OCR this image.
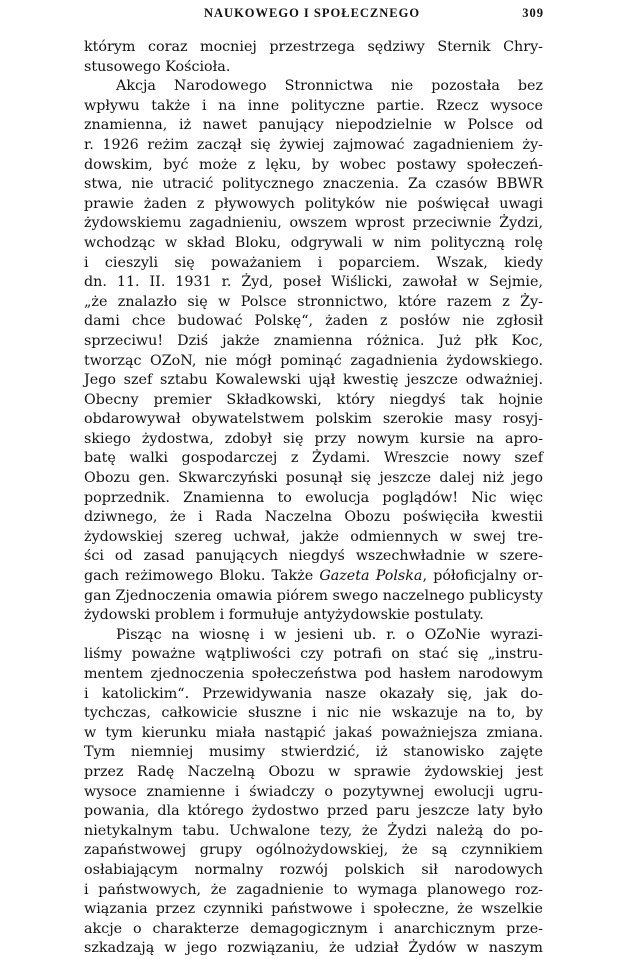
NAUKOWEGO I SPOŁECZNEGO	309
którym coraz mocniej przestrzega sędziwy Sternik Chry-
stusowego Kościoła.
Akcja Narodowego Stronnictwa nie pozostała bez
wpływu także i na inne polityczne partie. Rzecz wysoce
znamienna, iż nawet panujący niepodzielnie w Polsce od
r. 1926 reżim zaczął się żywiej zajmować zagadnieniem ży-
dowskim, być może z lęku, by wobec postawy społeczeń-
stwa, nie utracić politycznego znaczenia. Za czasów BBWR
prawie żaden z pływowych polityków nie poświęcał uwagi
żydowskiemu zagadnieniu, owszem wprost przeciwnie Żydzi,
wchodząc w skład Bloku, odgrywali w nim polityczną rolę
i cieszyli się poważaniem i poparciem. Wszak, kiedy
dn. 11. II. 1931 r. Żyd, poseł Wiślicki, zawołał w Sejmie,
„że znalazło się w Polsce stronnictwo, które razem z Ży-
dami chce budować Polskę“, żaden z posłów nie zgłosił
sprzeciwu! Dziś jakże znamienna różnica. Już płk Koc,
tworząc OZoN, nie mógł pominąć zagadnienia żydowskiego.
Jego szef sztabu Kowalewski ujął kwestię jeszcze odważniej.
Obecny premier Składkowski, który niegdyś tak hojnie
obdarowywał obywatelstwem polskim szerokie masy rosyj-
skiego żydostwa, zdobył się przy nowym kursie na apro-
batę walki gospodarczej z Żydami. Wreszcie nowy szef
Obozu gen. Skwarczyński posunął się jeszcze dalej niż jego
poprzednik. Znamienna to ewolucja poglądów! Nic więc
dziwnego, że i Rada Naczelna Obozu poświęciła kwestii
żydowskiej szereg uchwał, jakże odmiennych w swej tre-
ści od zasad panujących niegdyś wszechwładnie w szere-
gach reżimowego Bloku. Także Gazeta Polska, półoficjalny or-
gan Zjednoczenia omawia piórem swego naczelnego publicysty
żydowski problem i formułuje antyżydowskie postulaty.
Pisząc na wiosnę i w jesieni ub. r. o OZoNie wyrazi-
liśmy poważne wątpliwości czy potrafi on stać się „instru-
mentem zjednoczenia społeczeństwa pod hasłem narodowym
i katolickim“. Przewidywania nasze okazały się, jak do-
tychczas, całkowicie słuszne i nic nie wskazuje na to, by
w tym kierunku miała nastąpić jakaś poważniejsza zmiana.
Tym niemniej musimy stwierdzić, iż stanowisko zajęte
przez Radę Naczelną Obozu w sprawie żydowskiej jest
wysoce znamienne i świadczy o pozytywnej ewolucji ugru-
powania, dla którego żydostwo przed paru jeszcze laty było
nietykalnym tabu. Uchwalone tezy, że Żydzi należą do po-
zapaństwowej grupy ogólnożydowskiej, że są czynnikiem
osłabiającym normalny rozwój polskich sił narodowych
i państwowych, że zagadnienie to wymaga planowego roz-
wiązania przez czynniki państwowe i społeczne, że wszelkie
akcje o charakterze demagogicznym i anarchicznym prze-
szkadzają w jego rozwiązaniu, że udział Żydów w naszym
